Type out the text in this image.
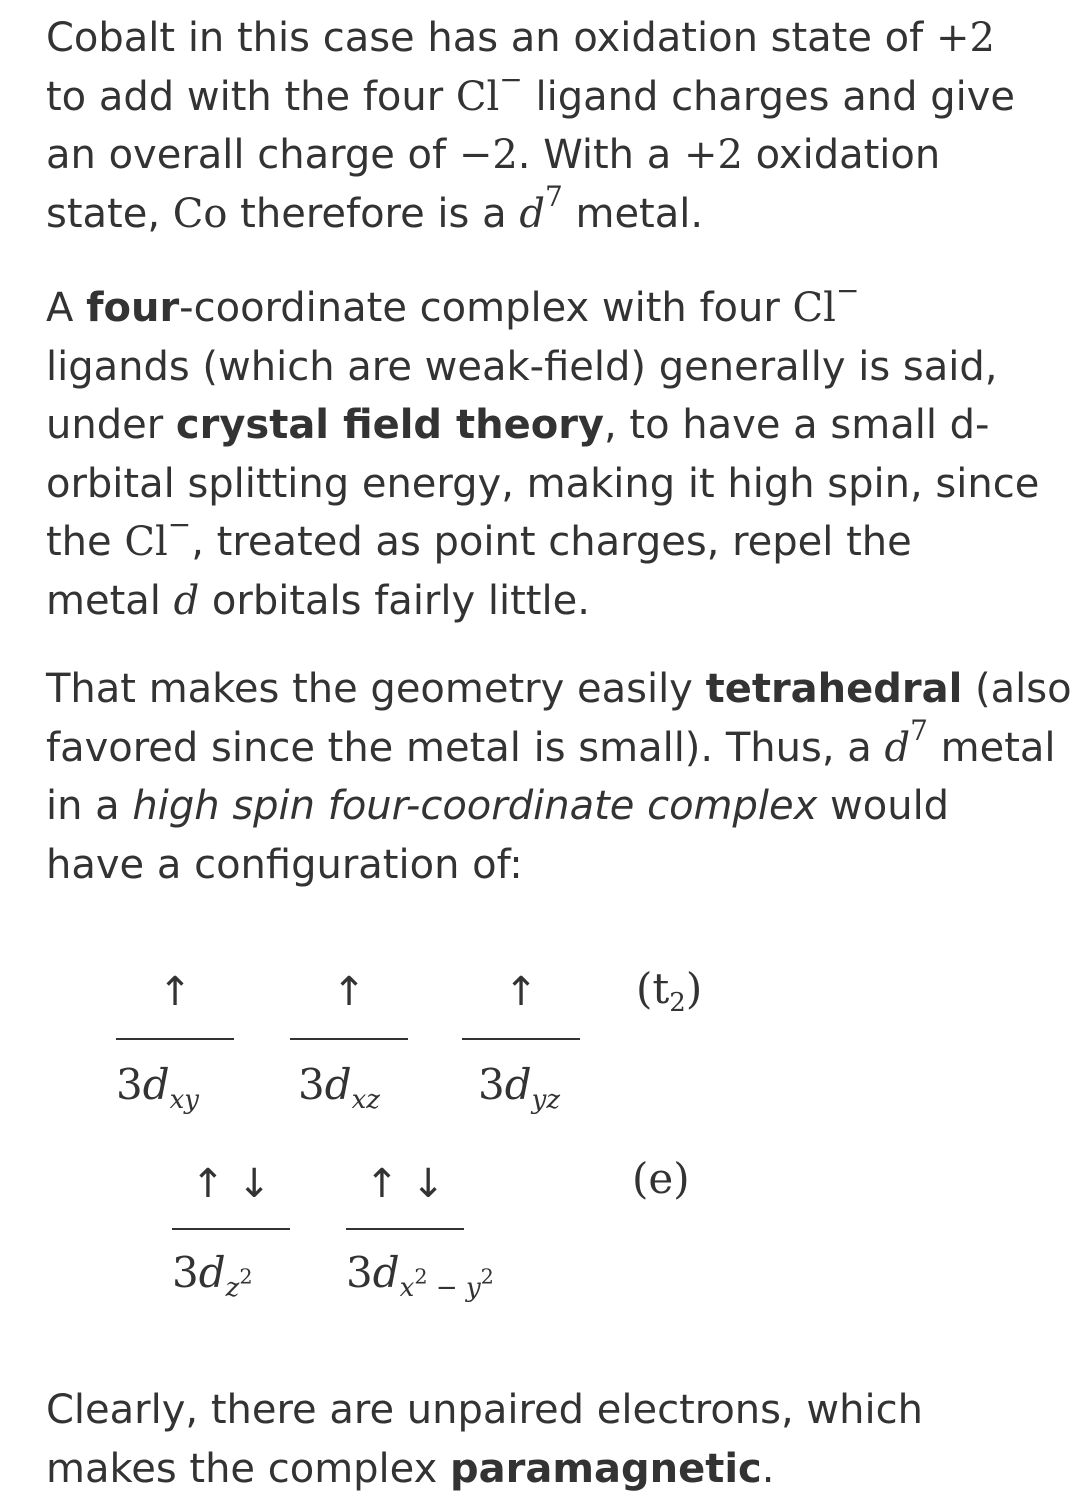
Cobalt in this case has an oxidation state of +2
to add with the four Cl− ligand charges and give
an overall charge of −2. With a +2 oxidation
state, Co therefore is a $d^7$ metal.

A four-coordinate complex with four Cl−
ligands (which are weak-field) generally is said,
under crystal field theory, to have a small d-
orbital splitting energy, making it high spin, since
the Cl−, treated as point charges, repel the
metal d orbitals fairly little.

That makes the geometry easily tetrahedral (also
favored since the metal is small). Thus, a $d^7$ metal
in a high spin four-coordinate complex would
have a configuration of:

↑
$3d_{xy}$
↑
$3d_{xz}$
↑
$3d_{yz}$
(t2)
↑ ↓
$3d_{z^2}$
↑ ↓
$3d_{x^2 - y^2}$
(e)

Clearly, there are unpaired electrons, which
makes the complex paramagnetic.
